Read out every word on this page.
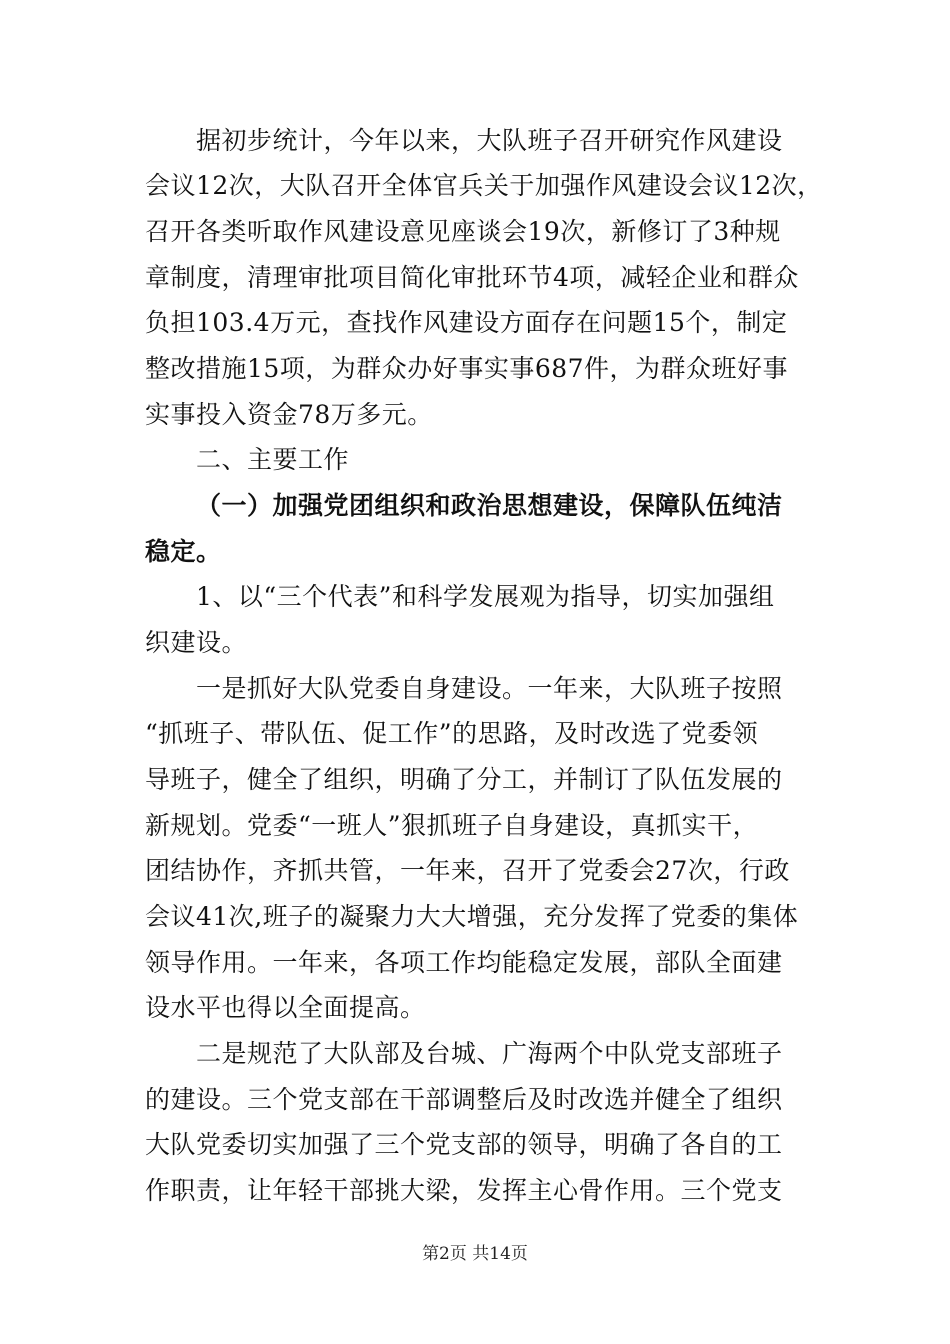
据初步统计，今年以来，大队班子召开研究作风建设
会议12次，大队召开全体官兵关于加强作风建设会议12次，
召开各类听取作风建设意见座谈会19次，新修订了3种规
章制度，清理审批项目简化审批环节4项，减轻企业和群众
负担103.4万元，查找作风建设方面存在问题15个，制定
整改措施15项，为群众办好事实事687件，为群众班好事
实事投入资金78万多元。
二、主要工作
（一）加强党团组织和政治思想建设，保障队伍纯洁
稳定。
1、以“三个代表”和科学发展观为指导，切实加强组
织建设。
一是抓好大队党委自身建设。一年来，大队班子按照
“抓班子、带队伍、促工作”的思路，及时改选了党委领
导班子，健全了组织，明确了分工，并制订了队伍发展的
新规划。党委“一班人”狠抓班子自身建设，真抓实干，
团结协作，齐抓共管，一年来，召开了党委会27次，行政
会议41次,班子的凝聚力大大增强，充分发挥了党委的集体
领导作用。一年来，各项工作均能稳定发展，部队全面建
设水平也得以全面提高。
二是规范了大队部及台城、广海两个中队党支部班子
的建设。三个党支部在干部调整后及时改选并健全了组织
大队党委切实加强了三个党支部的领导，明确了各自的工
作职责，让年轻干部挑大梁，发挥主心骨作用。三个党支
第2页 共14页
